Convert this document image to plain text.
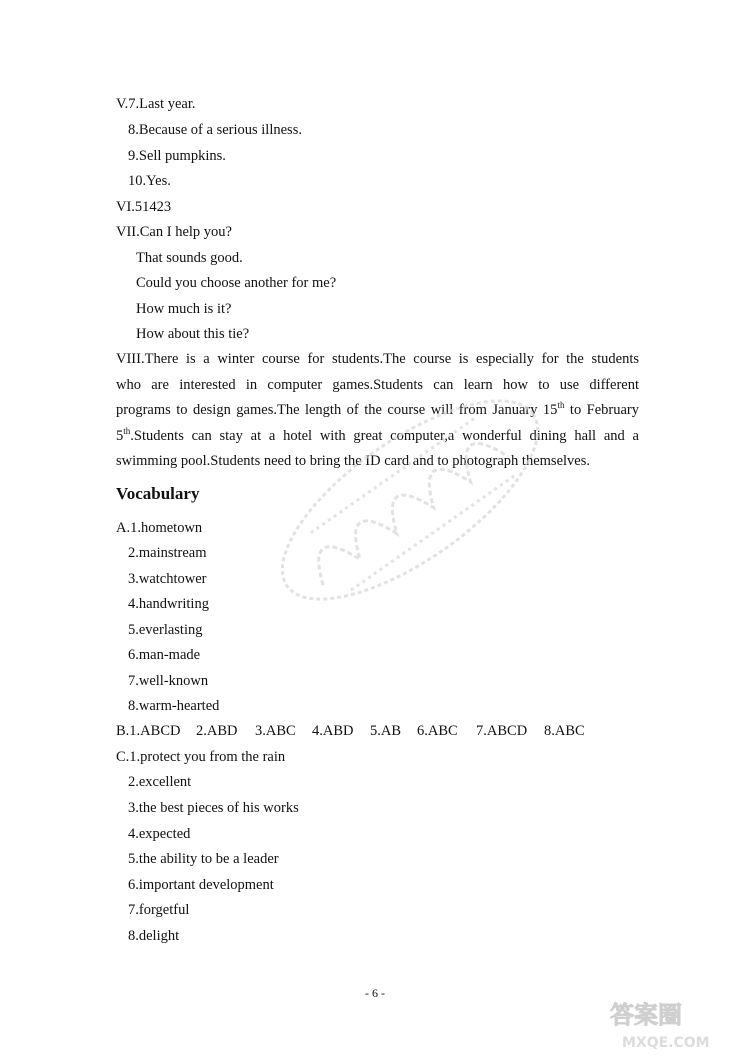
V.7.Last year.
8.Because of a serious illness.
9.Sell pumpkins.
10.Yes.
VI.51423
VII.Can I help you?
That sounds good.
Could you choose another for me?
How much is it?
How about this tie?
VIII.There is a winter course for students.The course is especially for the students
who are interested in computer games.Students can learn how to use different
programs to design games.The length of the course will from January 15th to February
5th.Students can stay at a hotel with great computer,a wonderful dining hall and a
swimming pool.Students need to bring the ID card and to photograph themselves.
Vocabulary
A.1.hometown
2.mainstream
3.watchtower
4.handwriting
5.everlasting
6.man-made
7.well-known
8.warm-hearted
B.1.ABCD 2.ABD 3.ABC 4.ABD 5.AB 6.ABC 7.ABCD 8.ABC
C.1.protect you from the rain
2.excellent
3.the best pieces of his works
4.expected
5.the ability to be a leader
6.important development
7.forgetful
8.delight
- 6 -
答案圈
MXQE.COM
